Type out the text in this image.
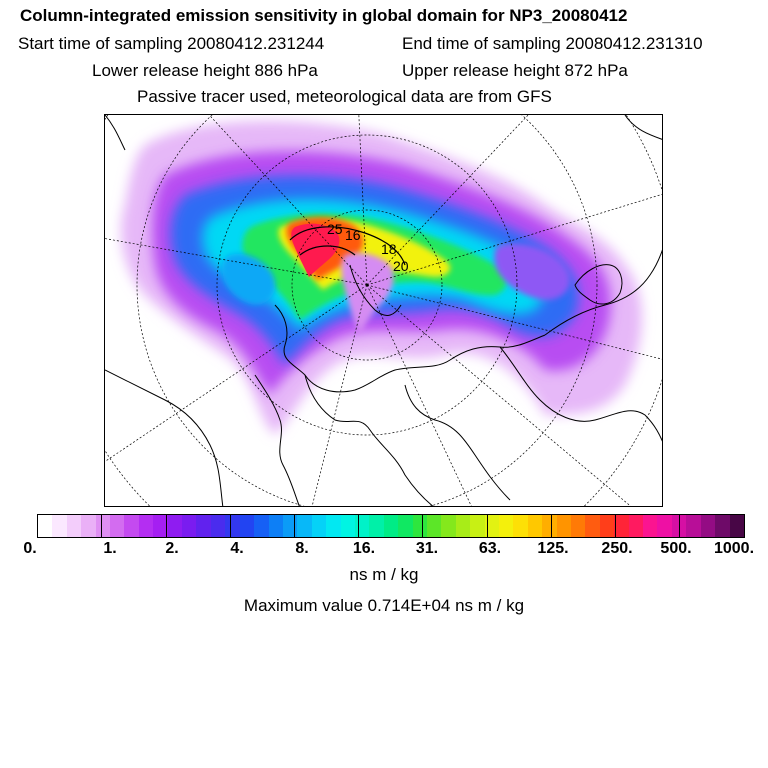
Column-integrated emission sensitivity in global domain for NP3_20080412
Start time of sampling 20080412.231244	End time of sampling 20080412.231310
Lower release height 886 hPa	Upper release height 872 hPa
Passive tracer used, meteorological data are from GFS
25 16
18
20
0.	1.	2.	4.	8.	16.	31.	63. 125. 250. 500. 1000.
ns m / kg
Maximum value 0.714E+04 ns m / kg
